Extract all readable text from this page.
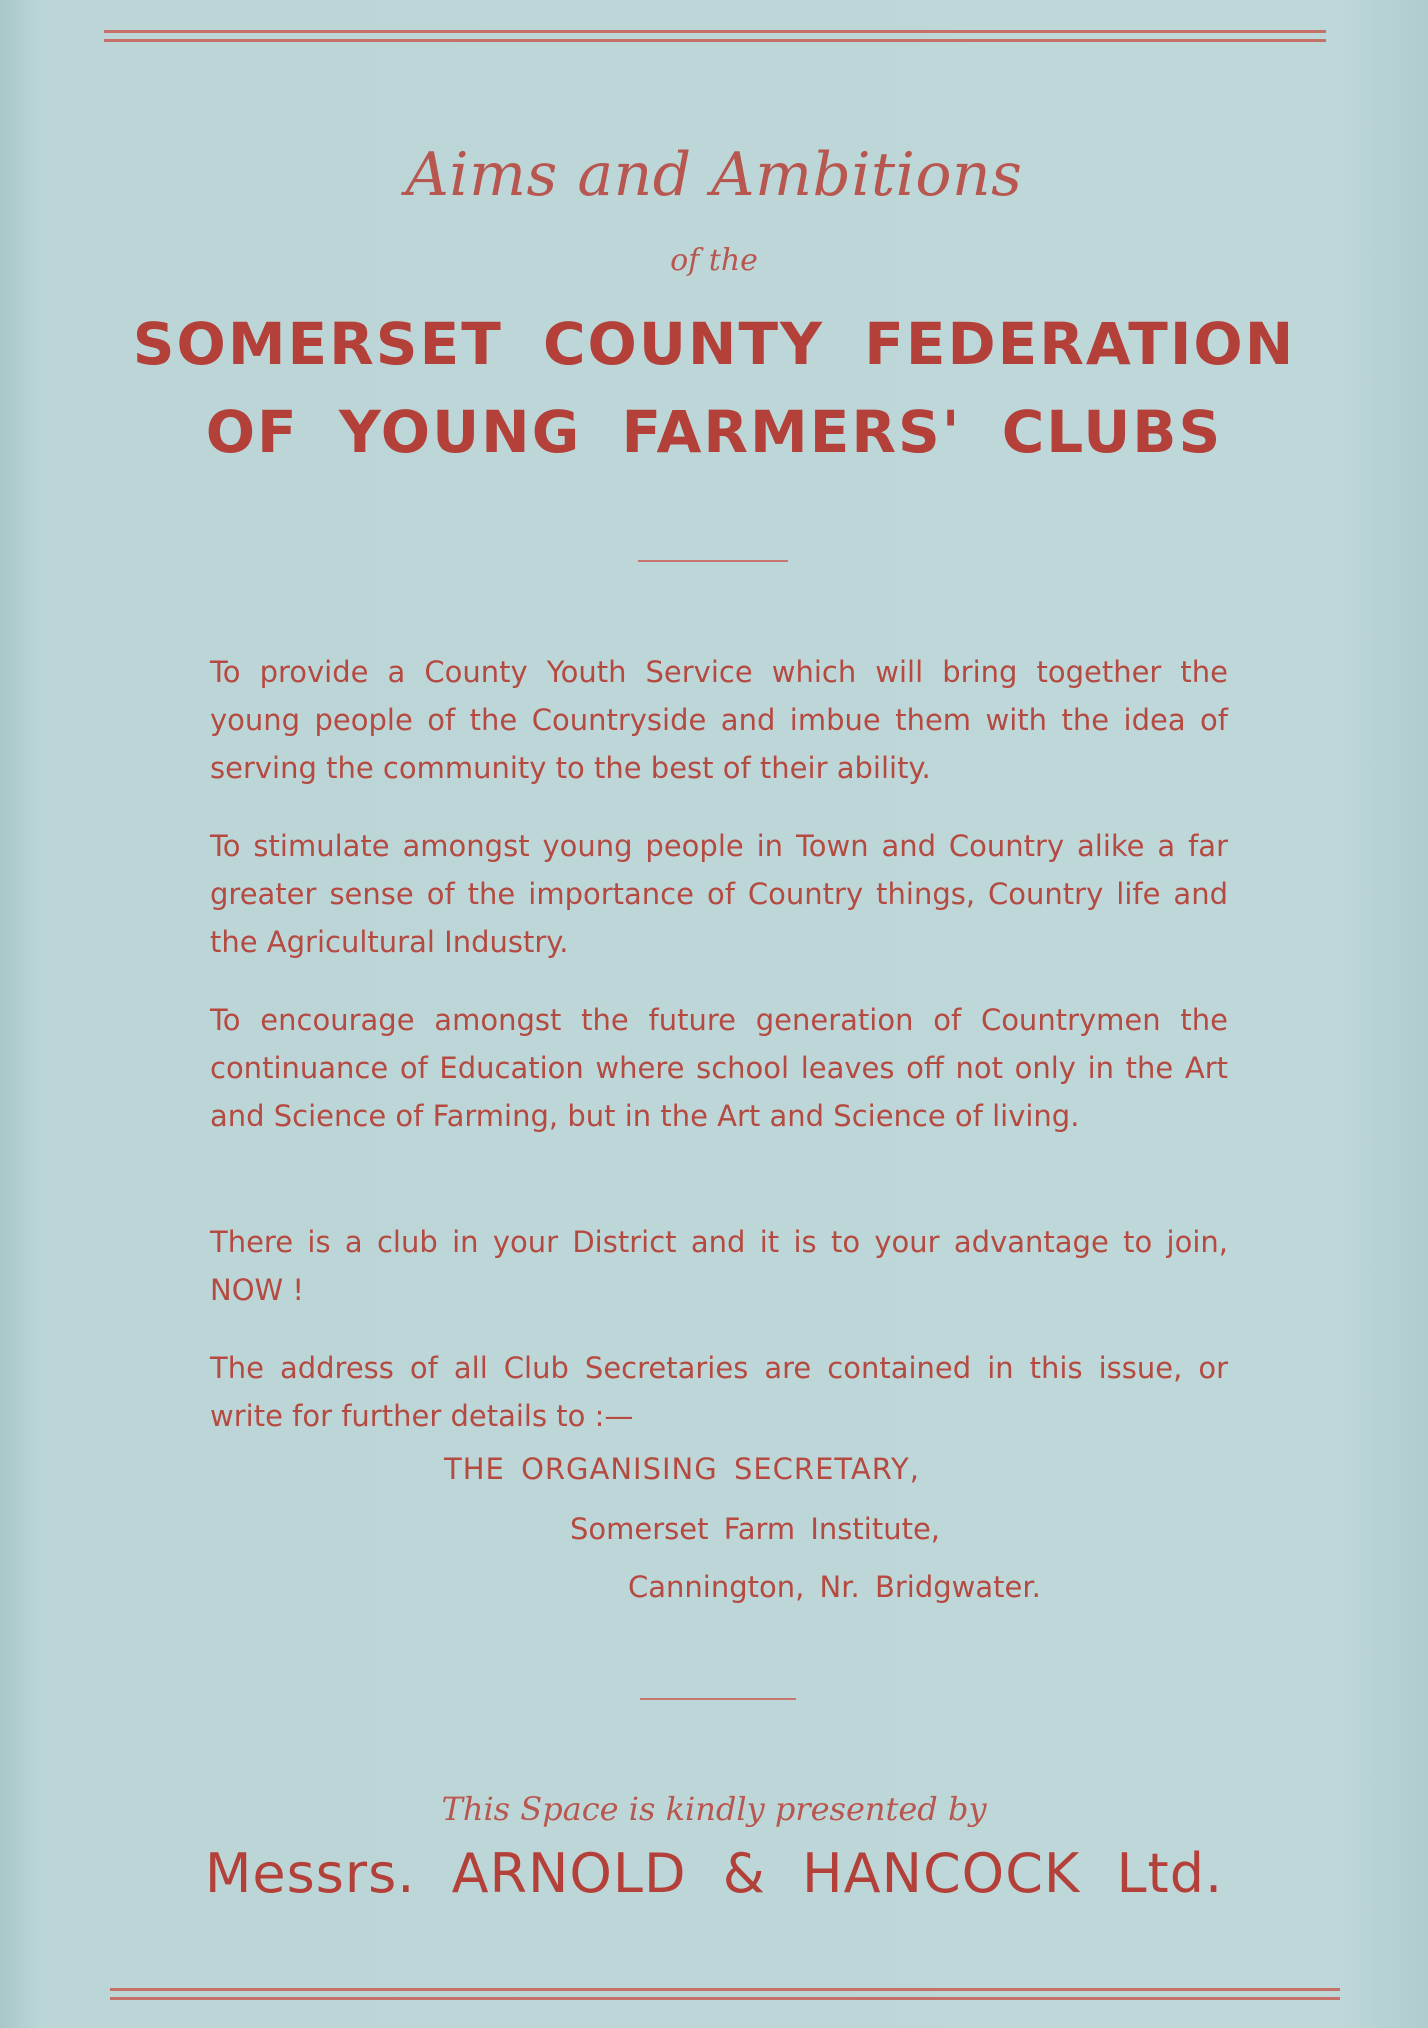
Aims and Ambitions
of the
SOMERSET COUNTY FEDERATION
OF YOUNG FARMERS' CLUBS

To provide a County Youth Service which will bring together the young people of the Countryside and imbue them with the idea of serving the community to the best of their ability.

To stimulate amongst young people in Town and Country alike a far greater sense of the importance of Country things, Country life and the Agricultural Industry.

To encourage amongst the future generation of Countrymen the continuance of Education where school leaves off not only in the Art and Science of Farming, but in the Art and Science of living.

There is a club in your District and it is to your advantage to join, NOW !

The address of all Club Secretaries are contained in this issue, or write for further details to :—

THE ORGANISING SECRETARY,
Somerset Farm Institute,
Cannington, Nr. Bridgwater.
This Space is kindly presented by
Messrs. ARNOLD & HANCOCK Ltd.
